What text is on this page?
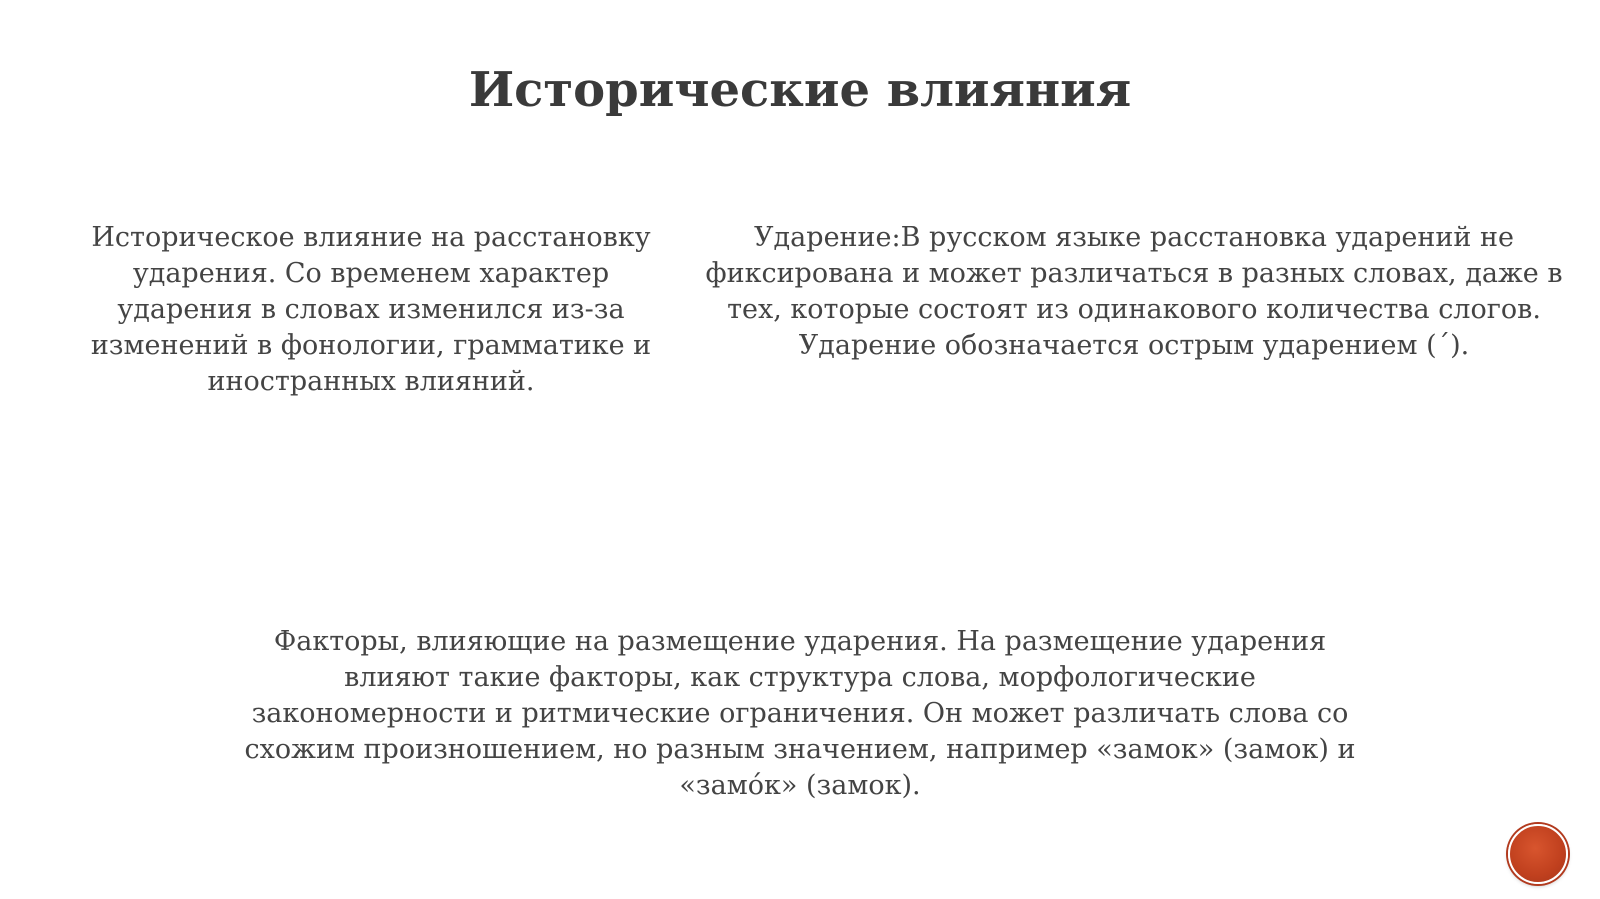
Исторические влияния

Историческое влияние на расстановку ударения. Со временем характер ударения в словах изменился из-за изменений в фонологии, грамматике и иностранных влияний.

Ударение:В русском языке расстановка ударений не фиксирована и может различаться в разных словах, даже в тех, которые состоят из одинакового количества слогов. Ударение обозначается острым ударением (´).

Факторы, влияющие на размещение ударения. На размещение ударения влияют такие факторы, как структура слова, морфологические закономерности и ритмические ограничения. Он может различать слова со схожим произношением, но разным значением, например «замок» (замок) и «замóк» (замок).
